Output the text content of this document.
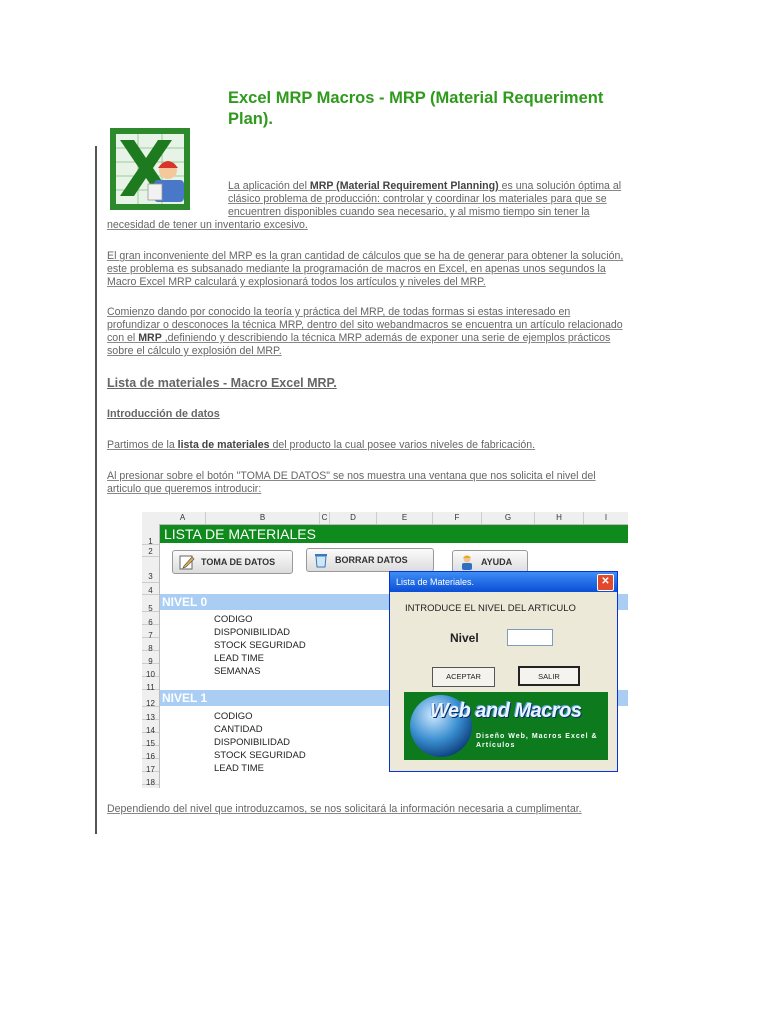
Excel MRP Macros - MRP (Material Requeriment Plan).

La aplicación del MRP (Material Requirement Planning) es una solución óptima al

clásico problema de producción: controlar y coordinar los materiales para que se

encuentren disponibles cuando sea necesario, y al mismo tiempo sin tener la

necesidad de tener un inventario excesivo.

El gran inconveniente del MRP es la gran cantidad de cálculos que se ha de generar para obtener la solución,

este problema es subsanado mediante la programación de macros en Excel, en apenas unos segundos la

Macro Excel MRP calculará y explosionará todos los artículos y niveles del MRP.

Comienzo dando por conocido la teoría y práctica del MRP, de todas formas si estas interesado en

profundizar o desconoces la técnica MRP, dentro del sito webandmacros se encuentra un artículo relacionado

con el MRP ,definiendo y describiendo la técnica MRP además de exponer una serie de ejemplos prácticos

sobre el cálculo y explosión del MRP.

Lista de materiales - Macro Excel MRP.
Introducción de datos

Partimos de la lista de materiales del producto la cual posee varios niveles de fabricación.

Al presionar sobre el botón "TOMA DE DATOS" se nos muestra una ventana que nos solicita el nivel del

articulo que queremos introducir:

A	B	C	D	E	F	G	H	I
1
2
3
4
5
6
7
8
9
10
11
12
13
14
15
16
17
18
LISTA DE MATERIALES
TOMA DE DATOS	BORRAR DATOS	AYUDA
NIVEL 0
CODIGO
DISPONIBILIDAD
STOCK SEGURIDAD
LEAD TIME
SEMANAS
NIVEL 1
CODIGO
CANTIDAD
DISPONIBILIDAD
STOCK SEGURIDAD
LEAD TIME
Lista de Materiales.	✕
INTRODUCE EL NIVEL DEL ARTICULO
Nivel
ACEPTAR	SALIR
Web and Macros
Diseño Web, Macros Excel & Artículos

Dependiendo del nivel que introduzcamos, se nos solicitará la información necesaria a cumplimentar.
